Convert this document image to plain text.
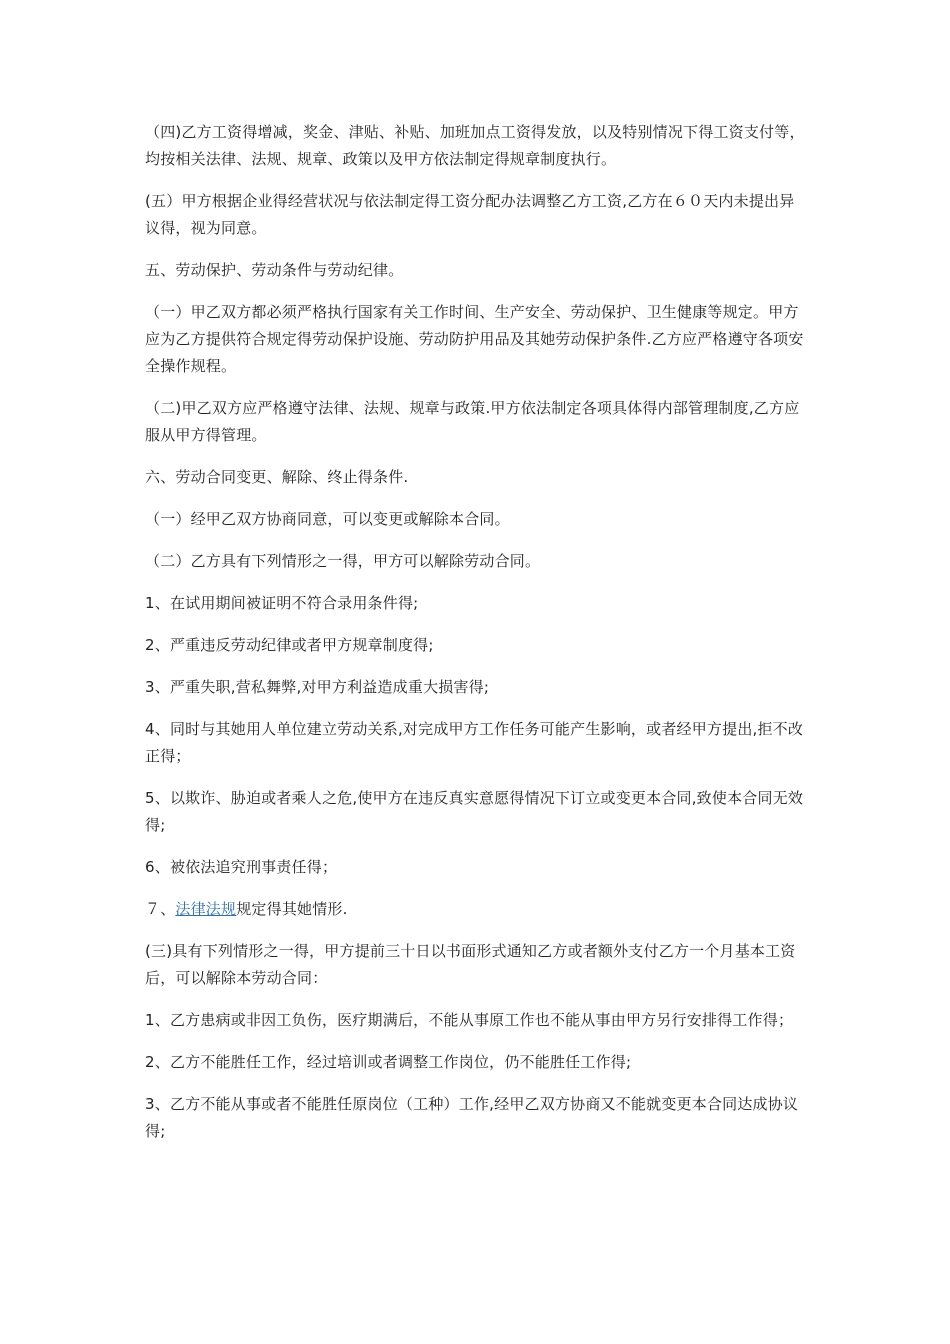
（四)乙方工资得增减，奖金、津贴、补贴、加班加点工资得发放，以及特别情况下得工资支付等，均按相关法律、法规、规章、政策以及甲方依法制定得规章制度执行。

(五）甲方根据企业得经营状况与依法制定得工资分配办法调整乙方工资,乙方在６０天内未提出异议得，视为同意。

五、劳动保护、劳动条件与劳动纪律。

（一）甲乙双方都必须严格执行国家有关工作时间、生产安全、劳动保护、卫生健康等规定。甲方应为乙方提供符合规定得劳动保护设施、劳动防护用品及其她劳动保护条件.乙方应严格遵守各项安全操作规程。

（二)甲乙双方应严格遵守法律、法规、规章与政策.甲方依法制定各项具体得内部管理制度,乙方应服从甲方得管理。

六、劳动合同变更、解除、终止得条件.

（一）经甲乙双方协商同意，可以变更或解除本合同。

（二）乙方具有下列情形之一得，甲方可以解除劳动合同。

1、在试用期间被证明不符合录用条件得;

2、严重违反劳动纪律或者甲方规章制度得;

3、严重失职,营私舞弊,对甲方利益造成重大损害得;

4、同时与其她用人单位建立劳动关系,对完成甲方工作任务可能产生影响，或者经甲方提出,拒不改正得；

5、以欺诈、胁迫或者乘人之危,使甲方在违反真实意愿得情况下订立或变更本合同,致使本合同无效得;

6、被依法追究刑事责任得；

７、法律法规规定得其她情形.

(三)具有下列情形之一得，甲方提前三十日以书面形式通知乙方或者额外支付乙方一个月基本工资后，可以解除本劳动合同：

1、乙方患病或非因工负伤，医疗期满后，不能从事原工作也不能从事由甲方另行安排得工作得；

2、乙方不能胜任工作，经过培训或者调整工作岗位，仍不能胜任工作得;

3、乙方不能从事或者不能胜任原岗位（工种）工作,经甲乙双方协商又不能就变更本合同达成协议得;
